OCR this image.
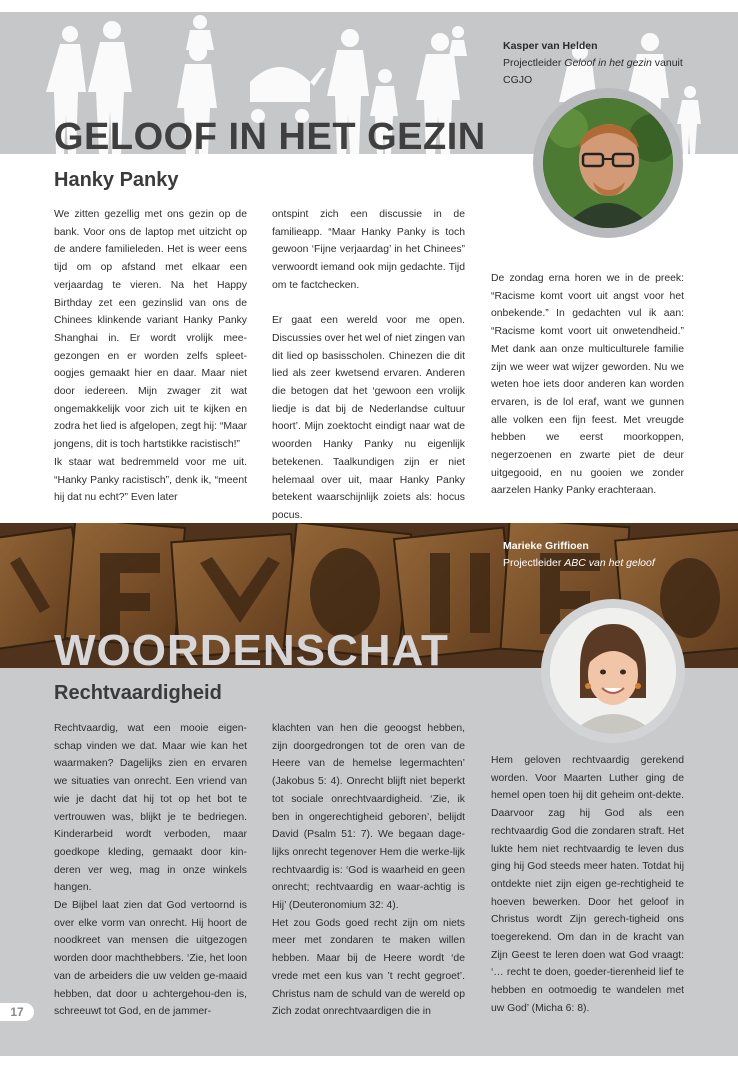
GELOOF IN HET GEZIN
Hanky Panky
Kasper van Helden
Projectleider Geloof in het gezin vanuit CGJO

We zitten gezellig met ons gezin op de bank. Voor ons de laptop met uitzicht op de andere familieleden. Het is weer eens tijd om op afstand met elkaar een verjaardag te vieren. Na het Happy Birthday zet een gezinslid van ons de Chinees klinkende variant Hanky Panky Shanghai in. Er wordt vrolijk mee-gezongen en er worden zelfs spleet-oogjes gemaakt hier en daar. Maar niet door iedereen. Mijn zwager zit wat ongemakkelijk voor zich uit te kijken en zodra het lied is afgelopen, zegt hij: “Maar jongens, dit is toch hartstikke racistisch!”

Ik staar wat bedremmeld voor me uit. “Hanky Panky racistisch”, denk ik, “meent hij dat nu echt?” Even later

ontspint zich een discussie in de familieapp. “Maar Hanky Panky is toch gewoon ‘Fijne verjaardag’ in het Chinees” verwoordt iemand ook mijn gedachte. Tijd om te factchecken.

Er gaat een wereld voor me open. Discussies over het wel of niet zingen van dit lied op basisscholen. Chinezen die dit lied als zeer kwetsend ervaren. Anderen die betogen dat het ‘gewoon een vrolijk liedje is dat bij de Nederlandse cultuur hoort’. Mijn zoektocht eindigt naar wat de woorden Hanky Panky nu eigenlijk betekenen. Taalkundigen zijn er niet helemaal over uit, maar Hanky Panky betekent waarschijnlijk zoiets als: hocus pocus.

De zondag erna horen we in de preek: “Racisme komt voort uit angst voor het onbekende.” In gedachten vul ik aan: “Racisme komt voort uit onwetendheid.” Met dank aan onze multiculturele familie zijn we weer wat wijzer geworden. Nu we weten hoe iets door anderen kan worden ervaren, is de lol eraf, want we gunnen alle volken een fijn feest. Met vreugde hebben we eerst moorkoppen, negerzoenen en zwarte piet de deur uitgegooid, en nu gooien we zonder aarzelen Hanky Panky erachteraan.

WOORDENSCHAT
Rechtvaardigheid
Marieke Griffioen
Projectleider ABC van het geloof

Rechtvaardig, wat een mooie eigen-schap vinden we dat. Maar wie kan het waarmaken? Dagelijks zien en ervaren we situaties van onrecht. Een vriend van wie je dacht dat hij tot op het bot te vertrouwen was, blijkt je te bedriegen. Kinderarbeid wordt verboden, maar goedkope kleding, gemaakt door kin-deren ver weg, mag in onze winkels hangen.

De Bijbel laat zien dat God vertoornd is over elke vorm van onrecht. Hij hoort de noodkreet van mensen die uitgezogen worden door machthebbers. ‘Zie, het loon van de arbeiders die uw velden ge-maaid hebben, dat door u achtergehou-den is, schreeuwt tot God, en de jammer-

klachten van hen die geoogst hebben, zijn doorgedrongen tot de oren van de Heere van de hemelse legermachten’ (Jakobus 5: 4). Onrecht blijft niet beperkt tot sociale onrechtvaardigheid. ‘Zie, ik ben in ongerechtigheid geboren’, belijdt David (Psalm 51: 7). We begaan dage-lijks onrecht tegenover Hem die werke-lijk rechtvaardig is: ‘God is waarheid en geen onrecht; rechtvaardig en waar-achtig is Hij’ (Deuteronomium 32: 4).

Het zou Gods goed recht zijn om niets meer met zondaren te maken willen hebben. Maar bij de Heere wordt ‘de vrede met een kus van ’t recht gegroet’. Christus nam de schuld van de wereld op Zich zodat onrechtvaardigen die in

Hem geloven rechtvaardig gerekend worden. Voor Maarten Luther ging de hemel open toen hij dit geheim ont-dekte. Daarvoor zag hij God als een rechtvaardig God die zondaren straft. Het lukte hem niet rechtvaardig te leven dus ging hij God steeds meer haten. Totdat hij ontdekte niet zijn eigen ge-rechtigheid te hoeven bewerken. Door het geloof in Christus wordt Zijn gerech-tigheid ons toegerekend. Om dan in de kracht van Zijn Geest te leren doen wat God vraagt: ‘… recht te doen, goeder-tierenheid lief te hebben en ootmoedig te wandelen met uw God’ (Micha 6: 8).

17
